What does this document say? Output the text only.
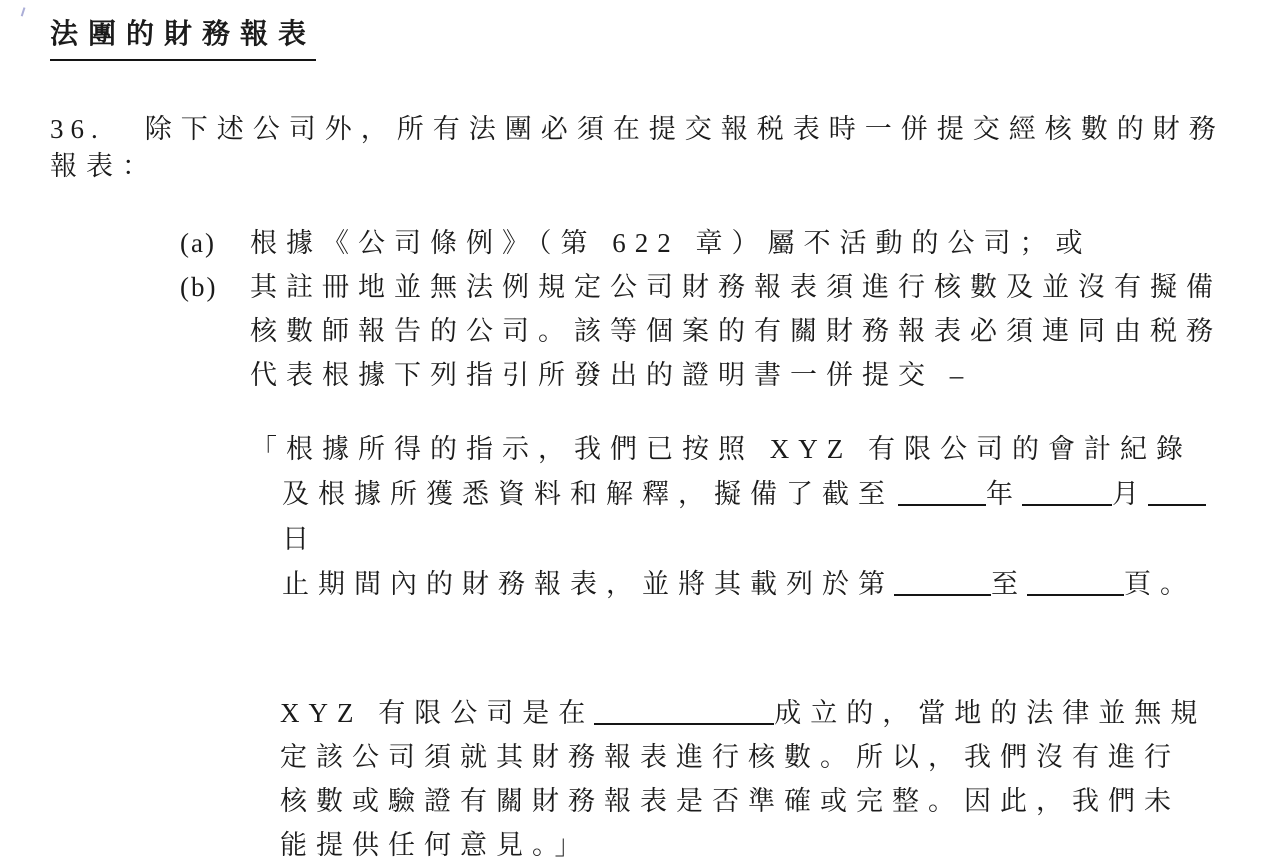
法團的財務報表
36. 除下述公司外，所有法團必須在提交報税表時一併提交經核數的財務
報表：
(a)	根據《公司條例》（第 622 章）屬不活動的公司；或
(b)	其註冊地並無法例規定公司財務報表須進行核數及並沒有擬備
核數師報告的公司。該等個案的有關財務報表必須連同由税務
代表根據下列指引所發出的證明書一併提交 –
「根據所得的指示，我們已按照 XYZ 有限公司的會計紀錄
及根據所獲悉資料和解釋，擬備了截至	年	月日
止期間內的財務報表，並將其載列於第	至	頁。
XYZ 有限公司是在	成立的，當地的法律並無規
定該公司須就其財務報表進行核數。所以，我們沒有進行
核數或驗證有關財務報表是否準確或完整。因此，我們未
能提供任何意見。」
